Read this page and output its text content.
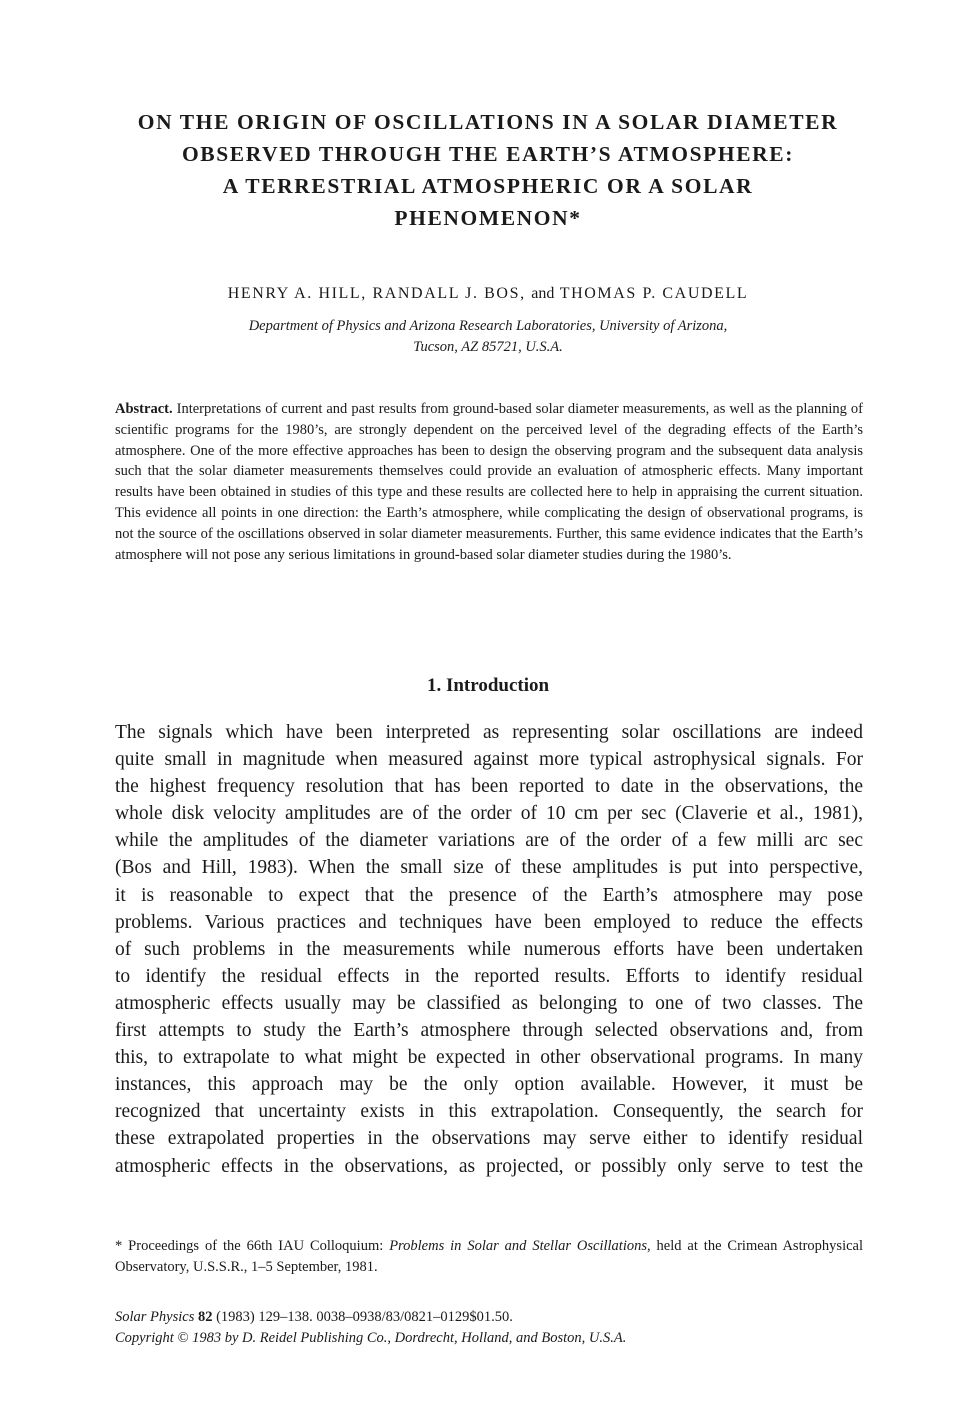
ON THE ORIGIN OF OSCILLATIONS IN A SOLAR DIAMETER
OBSERVED THROUGH THE EARTH’S ATMOSPHERE:
A TERRESTRIAL ATMOSPHERIC OR A SOLAR
PHENOMENON*
HENRY A. HILL, RANDALL J. BOS, and THOMAS P. CAUDELL
Department of Physics and Arizona Research Laboratories, University of Arizona,
Tucson, AZ 85721, U.S.A.
Abstract. Interpretations of current and past results from ground-based solar diameter measurements, as well as the planning of scientific programs for the 1980’s, are strongly dependent on the perceived level of the degrading effects of the Earth’s atmosphere. One of the more effective approaches has been to design the observing program and the subsequent data analysis such that the solar diameter measurements themselves could provide an evaluation of atmospheric effects. Many important results have been obtained in studies of this type and these results are collected here to help in appraising the current situation. This evidence all points in one direction: the Earth’s atmosphere, while complicating the design of observational programs, is not the source of the oscillations observed in solar diameter measurements. Further, this same evidence indicates that the Earth’s atmosphere will not pose any serious limitations in ground-based solar diameter studies during the 1980’s.
1. Introduction
The signals which have been interpreted as representing solar oscillations are indeed
quite small in magnitude when measured against more typical astrophysical signals. For
the highest frequency resolution that has been reported to date in the observations, the
whole disk velocity amplitudes are of the order of 10 cm per sec (Claverie et al., 1981),
while the amplitudes of the diameter variations are of the order of a few milli arc sec
(Bos and Hill, 1983). When the small size of these amplitudes is put into perspective,
it is reasonable to expect that the presence of the Earth’s atmosphere may pose
problems. Various practices and techniques have been employed to reduce the effects
of such problems in the measurements while numerous efforts have been undertaken
to identify the residual effects in the reported results. Efforts to identify residual
atmospheric effects usually may be classified as belonging to one of two classes. The
first attempts to study the Earth’s atmosphere through selected observations and, from
this, to extrapolate to what might be expected in other observational programs. In many
instances, this approach may be the only option available. However, it must be
recognized that uncertainty exists in this extrapolation. Consequently, the search for
these extrapolated properties in the observations may serve either to identify residual
atmospheric effects in the observations, as projected, or possibly only serve to test the
* Proceedings of the 66th IAU Colloquium: Problems in Solar and Stellar Oscillations, held at the Crimean Astrophysical Observatory, U.S.S.R., 1–5 September, 1981.
Solar Physics 82 (1983) 129–138. 0038–0938/83/0821–0129$01.50.
Copyright © 1983 by D. Reidel Publishing Co., Dordrecht, Holland, and Boston, U.S.A.
